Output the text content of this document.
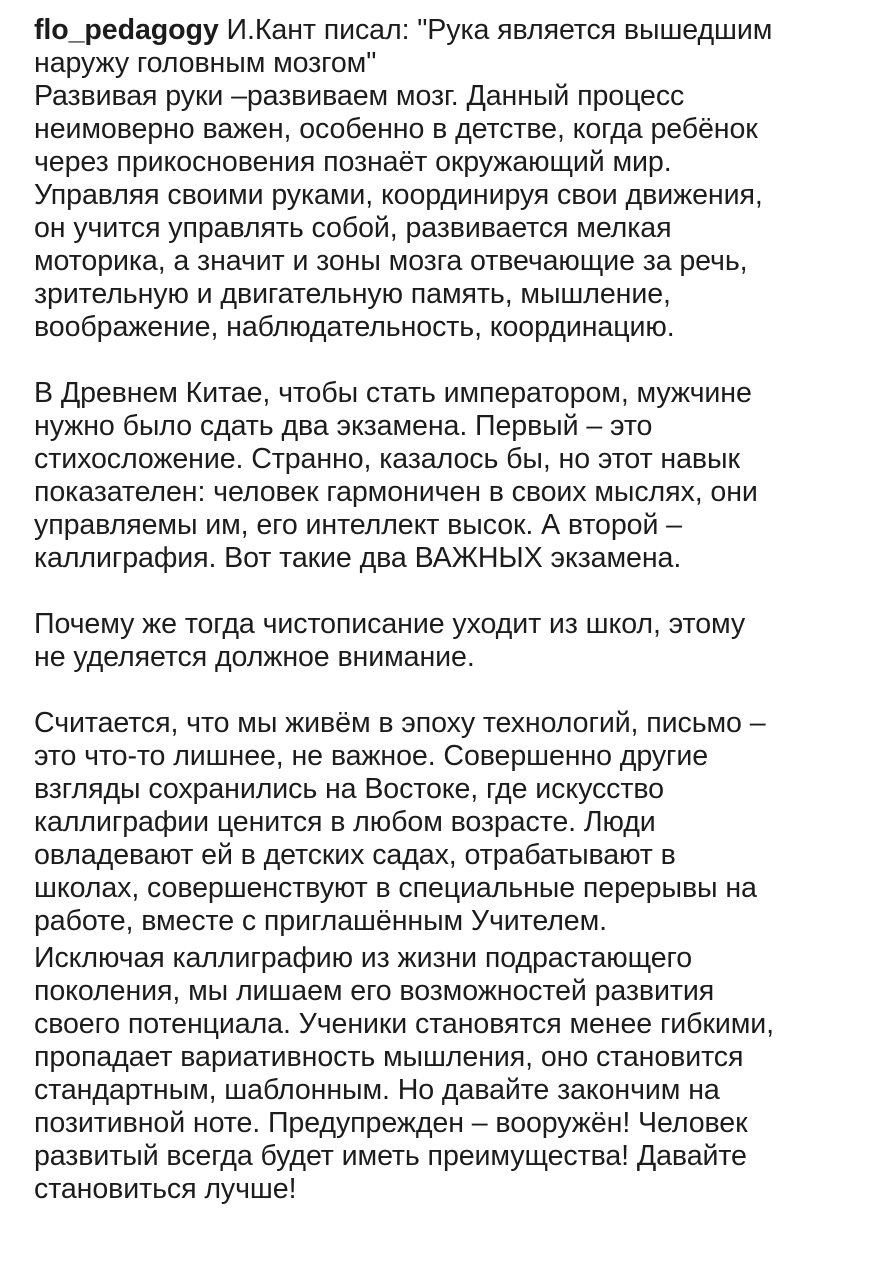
flo_pedagogy И.Кант писал: "Рука является вышедшим
наружу головным мозгом"

Развивая руки –развиваем мозг. Данный процесс
неимоверно важен, особенно в детстве, когда ребёнок
через прикосновения познаёт окружающий мир.
Управляя своими руками, координируя свои движения,
он учится управлять собой, развивается мелкая
моторика, а значит и зоны мозга отвечающие за речь,
зрительную и двигательную память, мышление,
воображение, наблюдательность, координацию.

В Древнем Китае, чтобы стать императором, мужчине
нужно было сдать два экзамена. Первый – это
стихосложение. Странно, казалось бы, но этот навык
показателен: человек гармоничен в своих мыслях, они
управляемы им, его интеллект высок. А второй –
каллиграфия. Вот такие два ВАЖНЫХ экзамена.

Почему же тогда чистописание уходит из школ, этому
не уделяется должное внимание.

Считается, что мы живём в эпоху технологий, письмо –
это что-то лишнее, не важное. Совершенно другие
взгляды сохранились на Востоке, где искусство
каллиграфии ценится в любом возрасте. Люди
овладевают ей в детских садах, отрабатывают в
школах, совершенствуют в специальные перерывы на
работе, вместе с приглашённым Учителем.

Исключая каллиграфию из жизни подрастающего
поколения, мы лишаем его возможностей развития
своего потенциала. Ученики становятся менее гибкими,
пропадает вариативность мышления, оно становится
стандартным, шаблонным. Но давайте закончим на
позитивной ноте. Предупрежден – вооружён! Человек
развитый всегда будет иметь преимущества! Давайте
становиться лучше!
